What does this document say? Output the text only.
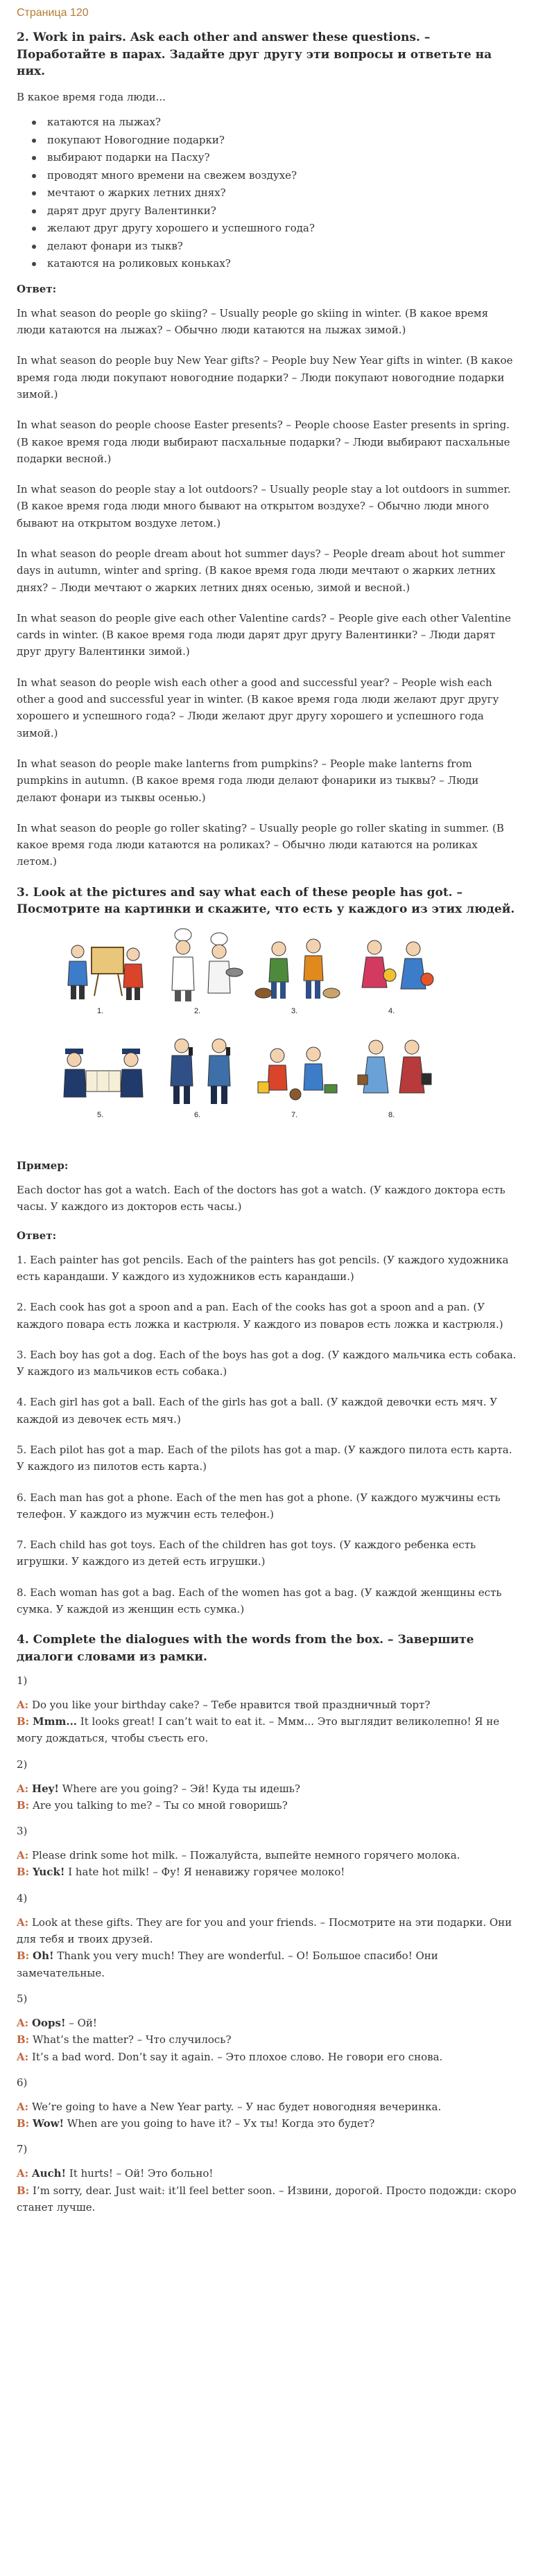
Страница 120
2. Work in pairs. Ask each other and answer these questions. – Поработайте в парах. Задайте друг другу эти вопросы и ответьте на них.

В какое время года люди...

катаются на лыжах?
покупают Новогодние подарки?
выбирают подарки на Пасху?
проводят много времени на свежем воздухе?
мечтают о жарких летних днях?
дарят друг другу Валентинки?
желают друг другу хорошего и успешного года?
делают фонари из тыкв?
катаются на роликовых коньках?
Ответ:

In what season do people go skiing? – Usually people go skiing in winter. (В какое время люди катаются на лыжах? – Обычно люди катаются на лыжах зимой.)

In what season do people buy New Year gifts? – People buy New Year gifts in winter. (В какое время года люди покупают новогодние подарки? – Люди покупают новогодние подарки зимой.)

In what season do people choose Easter presents? – People choose Easter presents in spring. (В какое время года люди выбирают пасхальные подарки? – Люди выбирают пасхальные подарки весной.)

In what season do people stay a lot outdoors? – Usually people stay a lot outdoors in summer. (В какое время года люди много бывают на открытом воздухе? – Обычно люди много бывают на открытом воздухе летом.)

In what season do people dream about hot summer days? – People dream about hot summer days in autumn, winter and spring. (В какое время года люди мечтают о жарких летних днях? – Люди мечтают о жарких летних днях осенью, зимой и весной.)

In what season do people give each other Valentine cards? – People give each other Valentine cards in winter. (В какое время года люди дарят друг другу Валентинки? – Люди дарят друг другу Валентинки зимой.)

In what season do people wish each other a good and successful year? – People wish each other a good and successful year in winter. (В какое время года люди желают друг другу хорошего и успешного года? – Люди желают друг другу хорошего и успешного года зимой.)

In what season do people make lanterns from pumpkins? – People make lanterns from pumpkins in autumn. (В какое время года люди делают фонарики из тыквы? – Люди делают фонари из тыквы осенью.)

In what season do people go roller skating? – Usually people go roller skating in summer. (В какое время года люди катаются на роликах? – Обычно люди катаются на роликах летом.)

3. Look at the pictures and say what each of these people has got. – Посмотрите на картинки и скажите, что есть у каждого из этих людей.
1.	2.	3.	4.
5.	6.	7.	8.
Пример:

Each doctor has got a watch. Each of the doctors has got a watch. (У каждого доктора есть часы. У каждого из докторов есть часы.)

Ответ:

1. Each painter has got pencils. Each of the painters has got pencils. (У каждого художника есть карандаши. У каждого из художников есть карандаши.)

2. Each cook has got a spoon and a pan. Each of the cooks has got a spoon and a pan. (У каждого повара есть ложка и кастрюля. У каждого из поваров есть ложка и кастрюля.)

3. Each boy has got a dog. Each of the boys has got a dog. (У каждого мальчика есть собака. У каждого из мальчиков есть собака.)

4. Each girl has got a ball. Each of the girls has got a ball. (У каждой девочки есть мяч. У каждой из девочек есть мяч.)

5. Each pilot has got a map. Each of the pilots has got a map. (У каждого пилота есть карта. У каждого из пилотов есть карта.)

6. Each man has got a phone. Each of the men has got a phone. (У каждого мужчины есть телефон. У каждого из мужчин есть телефон.)

7. Each child has got toys. Each of the children has got toys. (У каждого ребенка есть игрушки. У каждого из детей есть игрушки.)

8. Each woman has got a bag. Each of the women has got a bag. (У каждой женщины есть сумка. У каждой из женщин есть сумка.)

4. Complete the dialogues with the words from the box. – Завершите диалоги словами из рамки.
1)

A: Do you like your birthday cake? – Тебе нравится твой праздничный торт?
B: Mmm... It looks great! I can’t wait to eat it. – Ммм... Это выглядит великолепно! Я не могу дождаться, чтобы съесть его.

2)

A: Hey! Where are you going? – Эй! Куда ты идешь?
B: Are you talking to me? – Ты со мной говоришь?

3)

A: Please drink some hot milk. – Пожалуйста, выпейте немного горячего молока.
B: Yuck! I hate hot milk! – Фу! Я ненавижу горячее молоко!

4)

A: Look at these gifts. They are for you and your friends. – Посмотрите на эти подарки. Они для тебя и твоих друзей.
B: Oh! Thank you very much! They are wonderful. – О! Большое спасибо! Они замечательные.

5)

A: Oops! – Ой!
B: What’s the matter? – Что случилось?
A: It’s a bad word. Don’t say it again. – Это плохое слово. Не говори его снова.

6)

A: We’re going to have a New Year party. – У нас будет новогодняя вечеринка.
B: Wow! When are you going to have it? – Ух ты! Когда это будет?

7)

A: Auch! It hurts! – Ой! Это больно!
B: I’m sorry, dear. Just wait: it’ll feel better soon. – Извини, дорогой. Просто подожди: скоро станет лучше.
